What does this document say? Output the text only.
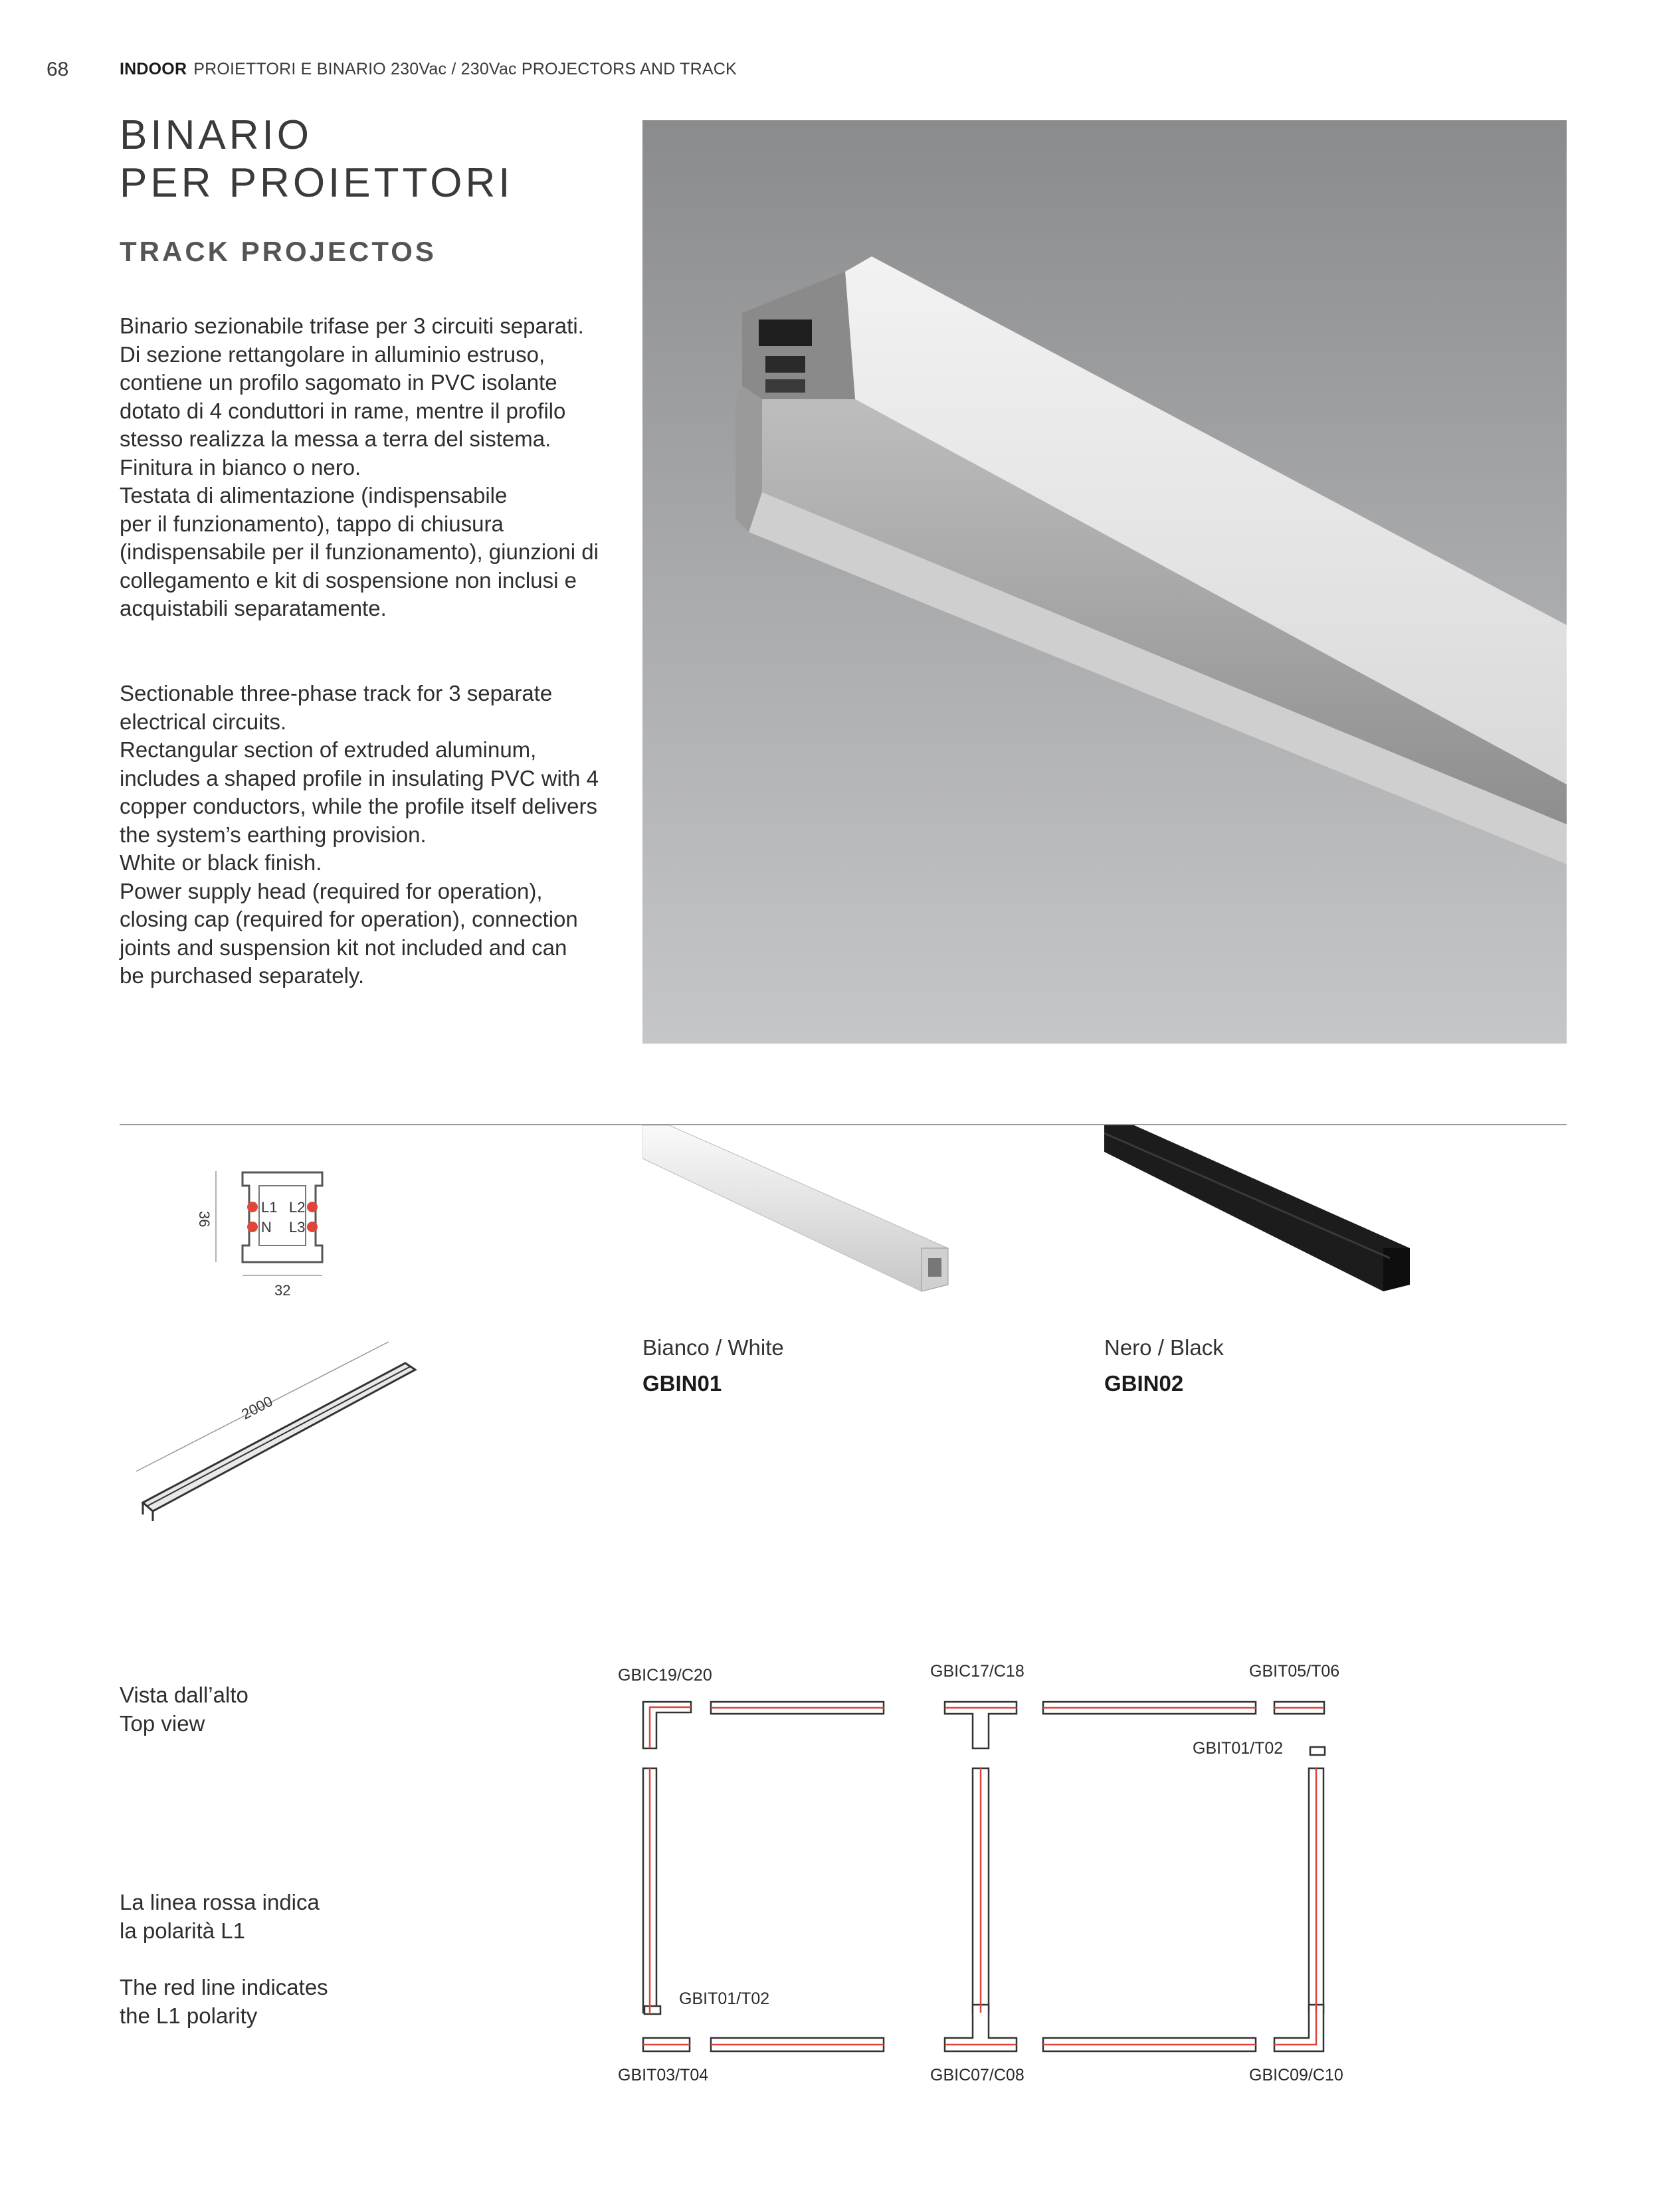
68	INDOOR PROIETTORI E BINARIO 230Vac / 230Vac PROJECTORS AND TRACK
BINARIO
PER PROIETTORI
TRACK PROJECTOS

Binario sezionabile trifase per 3 circuiti separati.

Di sezione rettangolare in alluminio estruso,

contiene un profilo sagomato in PVC isolante

dotato di 4 conduttori in rame, mentre il profilo

stesso realizza la messa a terra del sistema.

Finitura in bianco o nero.

Testata di alimentazione (indispensabile

per il funzionamento), tappo di chiusura

(indispensabile per il funzionamento), giunzioni di

collegamento e kit di sospensione non inclusi e

acquistabili separatamente.

Sectionable three-phase track for 3 separate

electrical circuits.

Rectangular section of extruded aluminum,

includes a shaped profile in insulating PVC with 4

copper conductors, while the profile itself delivers

the system’s earthing provision.

White or black finish.

Power supply head (required for operation),

closing cap (required for operation), connection

joints and suspension kit not included and can

be purchased separately.

L1 L2
N L3
36
32
2000
Bianco / White
GBIN01
Nero / Black
GBIN02

Vista dall’alto

Top view

La linea rossa indica

la polarità L1

The red line indicates

the L1 polarity

GBIC19/C20	GBIC17/C18	GBIT05/T06
GBIT01/T02
GBIT01/T02
GBIT03/T04	GBIC07/C08	GBIC09/C10
